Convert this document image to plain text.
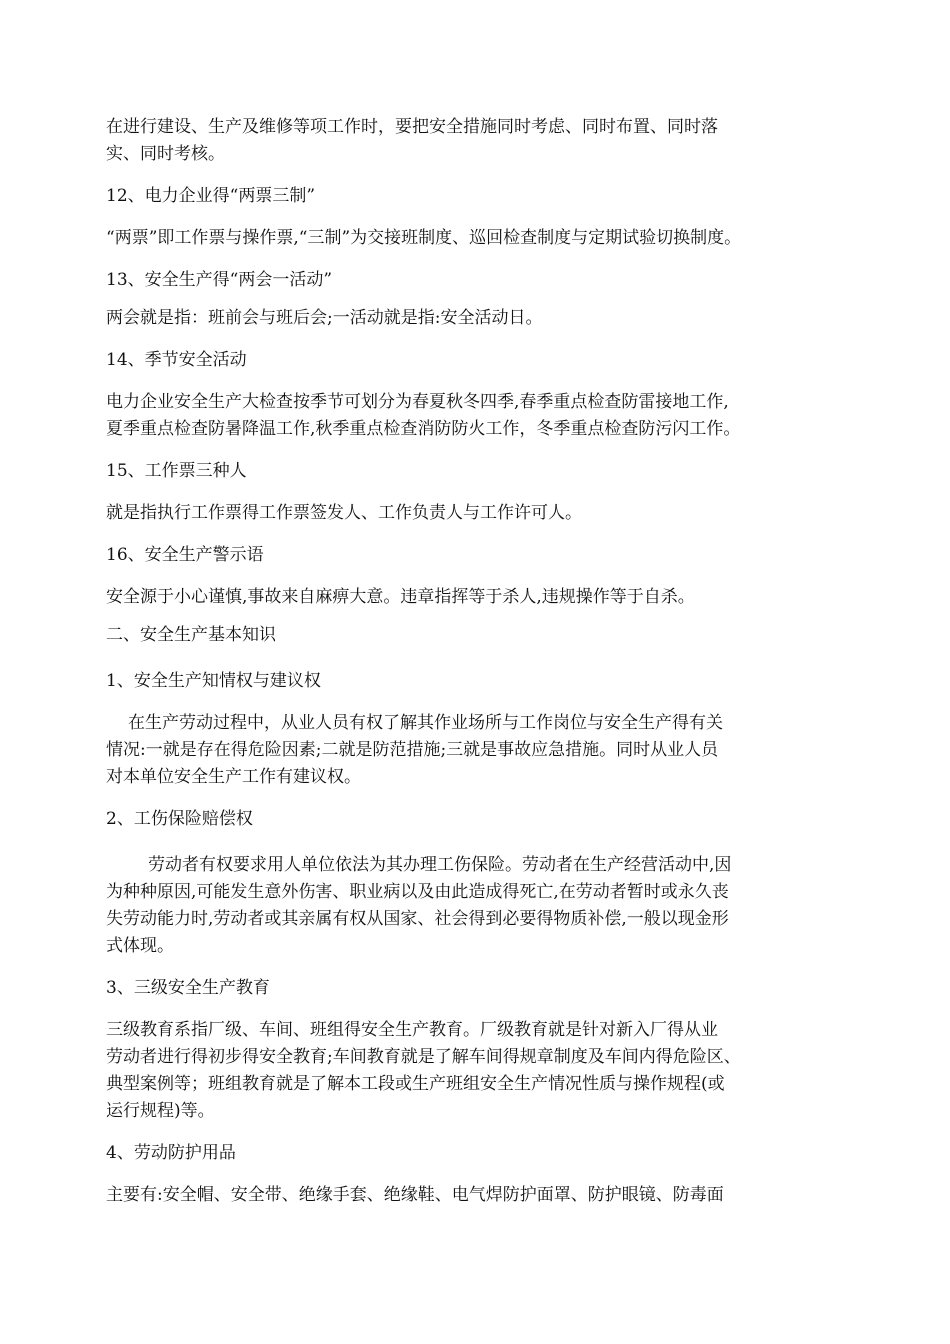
在进行建设、生产及维修等项工作时，要把安全措施同时考虑、同时布置、同时落
实、同时考核。

12、电力企业得“两票三制”

“两票”即工作票与操作票,“三制”为交接班制度、巡回检查制度与定期试验切换制度。

13、安全生产得“两会一活动”

两会就是指：班前会与班后会;一活动就是指:安全活动日。

14、季节安全活动

电力企业安全生产大检查按季节可划分为春夏秋冬四季,春季重点检查防雷接地工作,
夏季重点检查防暑降温工作,秋季重点检查消防防火工作，冬季重点检查防污闪工作。

15、工作票三种人

就是指执行工作票得工作票签发人、工作负责人与工作许可人。

16、安全生产警示语

安全源于小心谨慎,事故来自麻痹大意。违章指挥等于杀人,违规操作等于自杀。

二、安全生产基本知识

1、安全生产知情权与建议权

在生产劳动过程中，从业人员有权了解其作业场所与工作岗位与安全生产得有关
情况:一就是存在得危险因素;二就是防范措施;三就是事故应急措施。同时从业人员
对本单位安全生产工作有建议权。

2、工伤保险赔偿权

劳动者有权要求用人单位依法为其办理工伤保险。劳动者在生产经营活动中,因
为种种原因,可能发生意外伤害、职业病以及由此造成得死亡,在劳动者暂时或永久丧
失劳动能力时,劳动者或其亲属有权从国家、社会得到必要得物质补偿,一般以现金形
式体现。

3、三级安全生产教育

三级教育系指厂级、车间、班组得安全生产教育。厂级教育就是针对新入厂得从业
劳动者进行得初步得安全教育;车间教育就是了解车间得规章制度及车间内得危险区、
典型案例等；班组教育就是了解本工段或生产班组安全生产情况性质与操作规程(或
运行规程)等。

4、劳动防护用品

主要有:安全帽、安全带、绝缘手套、绝缘鞋、电气焊防护面罩、防护眼镜、防毒面
